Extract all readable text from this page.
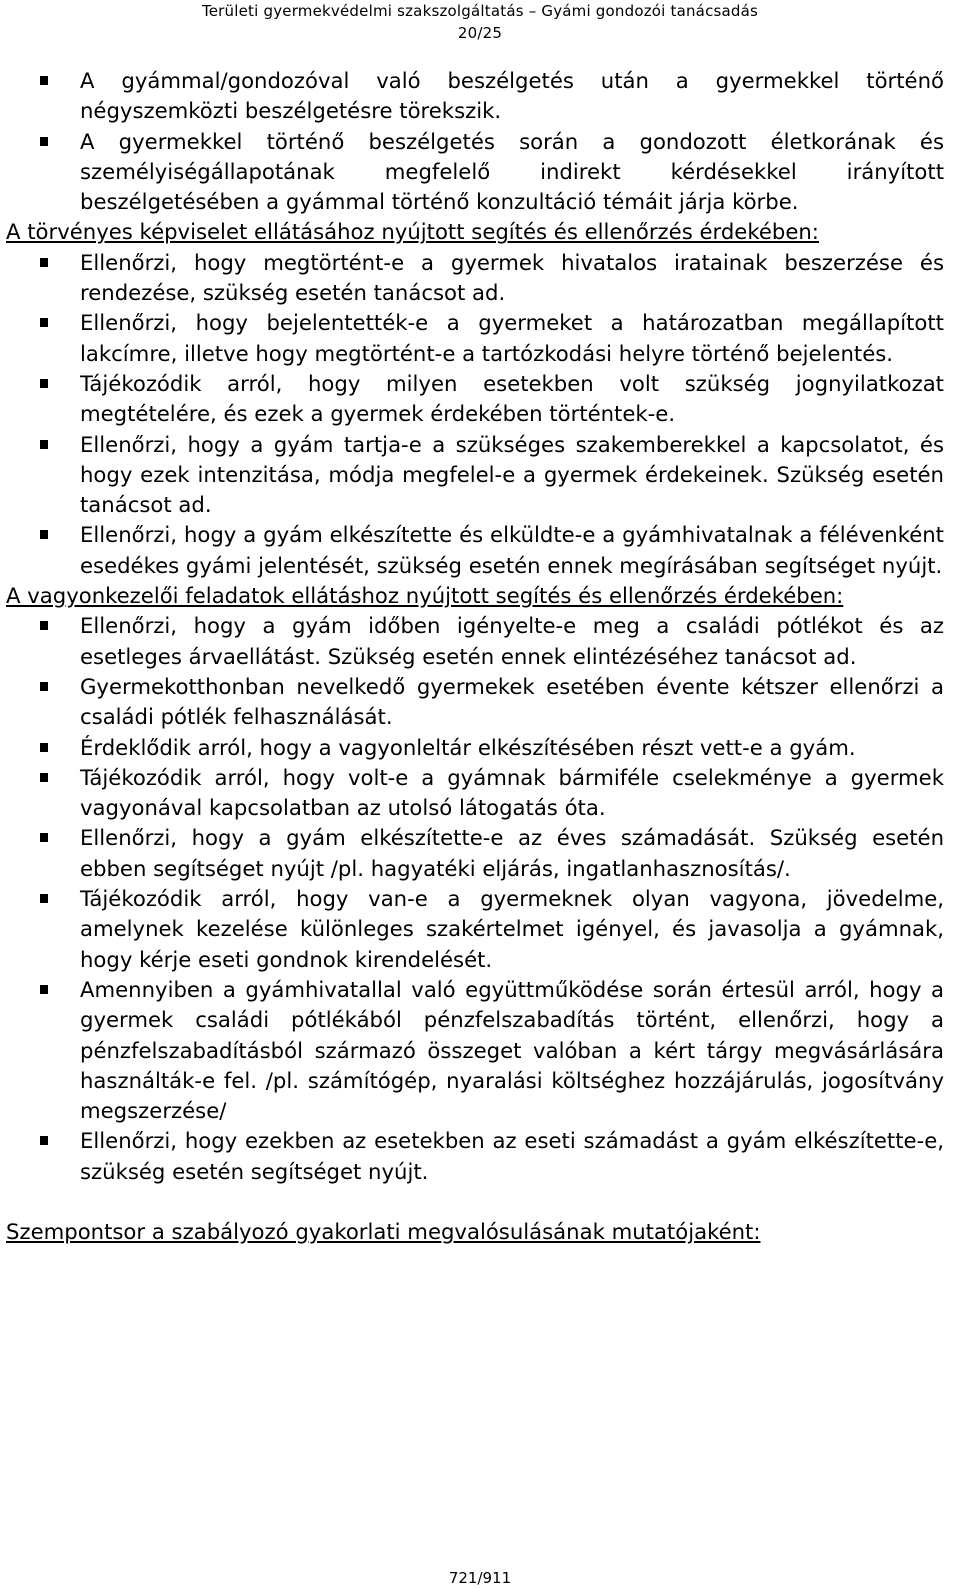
Területi gyermekvédelmi szakszolgáltatás – Gyámi gondozói tanácsadás
20/25
A gyámmal/gondozóval való beszélgetés után a gyermekkel történő négyszemközti beszélgetésre törekszik.
A gyermekkel történő beszélgetés során a gondozott életkorának és személyiségállapotának megfelelő indirekt kérdésekkel irányított beszélgetésében a gyámmal történő konzultáció témáit járja körbe.

A törvényes képviselet ellátásához nyújtott segítés és ellenőrzés érdekében:

Ellenőrzi, hogy megtörtént-e a gyermek hivatalos iratainak beszerzése és rendezése, szükség esetén tanácsot ad.
Ellenőrzi, hogy bejelentették-e a gyermeket a határozatban megállapított lakcímre, illetve hogy megtörtént-e a tartózkodási helyre történő bejelentés.
Tájékozódik arról, hogy milyen esetekben volt szükség jognyilatkozat megtételére, és ezek a gyermek érdekében történtek-e.
Ellenőrzi, hogy a gyám tartja-e a szükséges szakemberekkel a kapcsolatot, és hogy ezek intenzitása, módja megfelel-e a gyermek érdekeinek. Szükség esetén tanácsot ad.
Ellenőrzi, hogy a gyám elkészítette és elküldte-e a gyámhivatalnak a félévenként esedékes gyámi jelentését, szükség esetén ennek megírásában segítséget nyújt.

A vagyonkezelői feladatok ellátáshoz nyújtott segítés és ellenőrzés érdekében:

Ellenőrzi, hogy a gyám időben igényelte-e meg a családi pótlékot és az esetleges árvaellátást. Szükség esetén ennek elintézéséhez tanácsot ad.
Gyermekotthonban nevelkedő gyermekek esetében évente kétszer ellenőrzi a családi pótlék felhasználását.
Érdeklődik arról, hogy a vagyonleltár elkészítésében részt vett-e a gyám.
Tájékozódik arról, hogy volt-e a gyámnak bármiféle cselekménye a gyermek vagyonával kapcsolatban az utolsó látogatás óta.
Ellenőrzi, hogy a gyám elkészítette-e az éves számadását. Szükség esetén ebben segítséget nyújt /pl. hagyatéki eljárás, ingatlanhasznosítás/.
Tájékozódik arról, hogy van-e a gyermeknek olyan vagyona, jövedelme, amelynek kezelése különleges szakértelmet igényel, és javasolja a gyámnak, hogy kérje eseti gondnok kirendelését.
Amennyiben a gyámhivatallal való együttműködése során értesül arról, hogy a gyermek családi pótlékából pénzfelszabadítás történt, ellenőrzi, hogy a pénzfelszabadításból származó összeget valóban a kért tárgy megvásárlására használták-e fel. /pl. számítógép, nyaralási költséghez hozzájárulás, jogosítvány megszerzése/
Ellenőrzi, hogy ezekben az esetekben az eseti számadást a gyám elkészítette-e, szükség esetén segítséget nyújt.

Szempontsor a szabályozó gyakorlati megvalósulásának mutatójaként:

721/911
